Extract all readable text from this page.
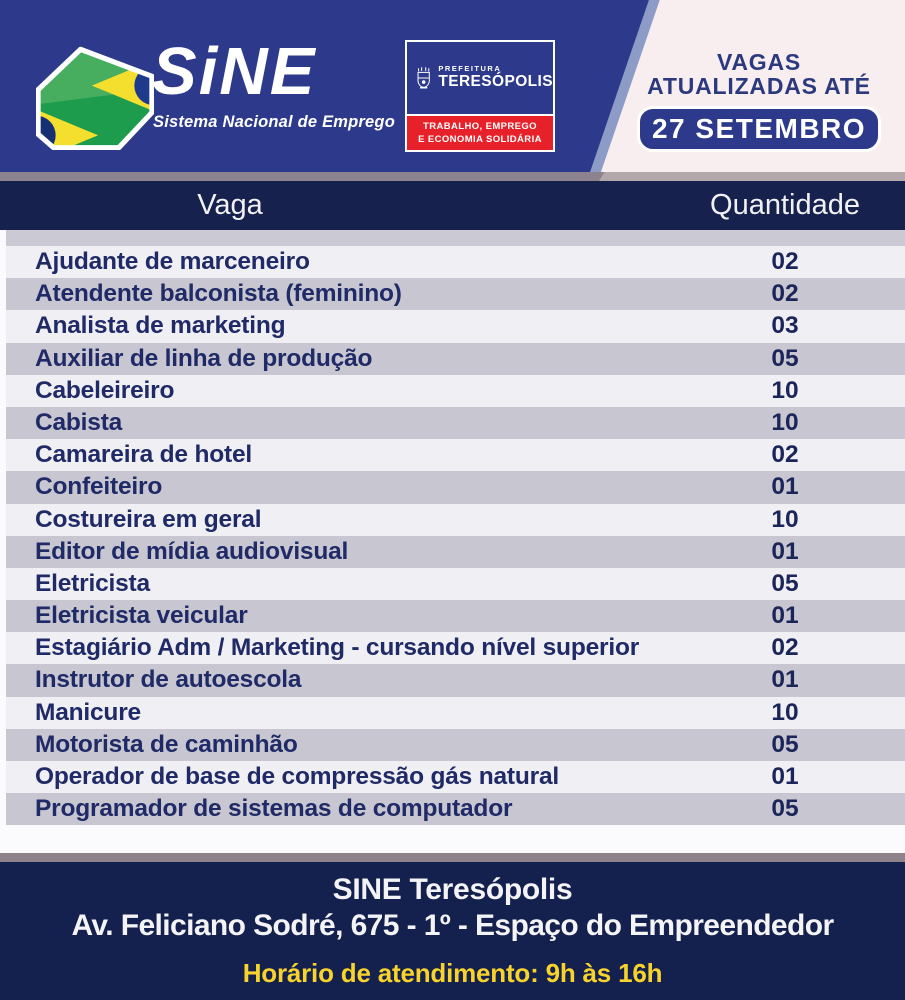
SiNE
Sistema Nacional de Emprego
PREFEITURA
TERESÓPOLIS
TRABALHO, EMPREGO
E ECONOMIA SOLIDÁRIA
VAGAS
ATUALIZADAS ATÉ
27 SETEMBRO
Vaga	Quantidade
Ajudante de marceneiro	02
Atendente balconista (feminino)	02
Analista de marketing	03
Auxiliar de linha de produção	05
Cabeleireiro	10
Cabista	10
Camareira de hotel	02
Confeiteiro	01
Costureira em geral	10
Editor de mídia audiovisual	01
Eletricista	05
Eletricista veicular	01
Estagiário Adm / Marketing - cursando nível superior	02
Instrutor de autoescola	01
Manicure	10
Motorista de caminhão	05
Operador de base de compressão gás natural	01
Programador de sistemas de computador	05
SINE Teresópolis
Av. Feliciano Sodré, 675 - 1º - Espaço do Empreendedor
Horário de atendimento: 9h às 16h
